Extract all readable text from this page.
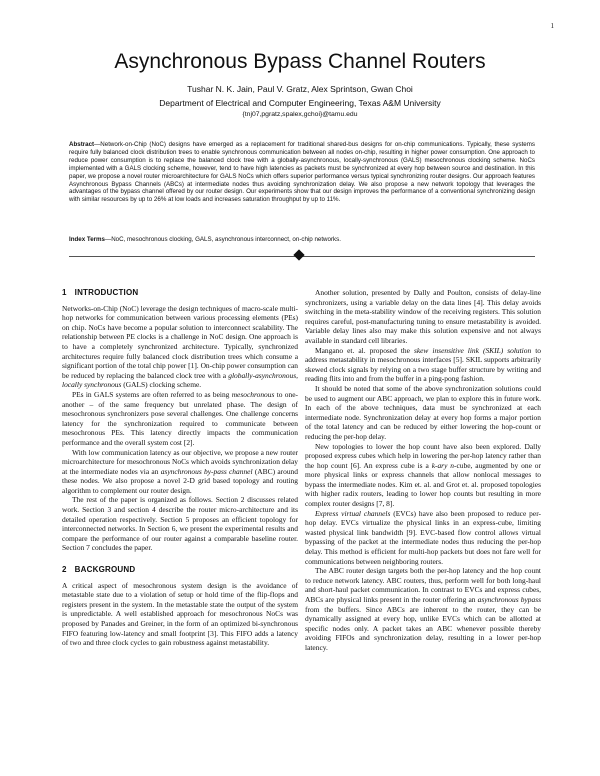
1
Asynchronous Bypass Channel Routers
Tushar N. K. Jain, Paul V. Gratz, Alex Sprintson, Gwan Choi
Department of Electrical and Computer Engineering, Texas A&M University
{tnj07,pgratz,spalex,gchoi}@tamu.edu
Abstract—Network-on-Chip (NoC) designs have emerged as a replacement for traditional shared-bus designs for on-chip communications. Typically, these systems require fully balanced clock distribution trees to enable synchronous communication between all nodes on-chip, resulting in higher power consumption. One approach to reduce power consumption is to replace the balanced clock tree with a globally-asynchronous, locally-synchronous (GALS) mesochronous clocking scheme. NoCs implemented with a GALS clocking scheme, however, tend to have high latencies as packets must be synchronized at every hop between source and destination. In this paper, we propose a novel router microarchitecture for GALS NoCs which offers superior performance versus typical synchronizing router designs. Our approach features Asynchronous Bypass Channels (ABCs) at intermediate nodes thus avoiding synchronization delay. We also propose a new network topology that leverages the advantages of the bypass channel offered by our router design. Our experiments show that our design improves the performance of a conventional synchronizing design with similar resources by up to 26% at low loads and increases saturation throughput by up to 11%.
Index Terms—NoC, mesochronous clocking, GALS, asynchronous interconnect, on-chip networks.
1 INTRODUCTION

Networks-on-Chip (NoC) leverage the design techniques of macro-scale multi-hop networks for communication between various processing elements (PEs) on chip. NoCs have become a popular solution to interconnect scalability. The relationship between PE clocks is a challenge in NoC design. One approach is to have a completely synchronized architecture. Typically, synchronized architectures require fully balanced clock distribution trees which consume a significant portion of the total chip power [1]. On-chip power consumption can be reduced by replacing the balanced clock tree with a globally-asynchronous, locally synchronous (GALS) clocking scheme.

PEs in GALS systems are often referred to as being mesochronous to one-another – of the same frequency but unrelated phase. The design of mesochronous synchronizers pose several challenges. One challenge concerns latency for the synchronization required to communicate between mesochronous PEs. This latency directly impacts the communication performance and the overall system cost [2].

With low communication latency as our objective, we propose a new router microarchitecture for mesochronous NoCs which avoids synchronization delay at the intermediate nodes via an asynchronous by-pass channel (ABC) around these nodes. We also propose a novel 2-D grid based topology and routing algorithm to complement our router design.

The rest of the paper is organized as follows. Section 2 discusses related work. Section 3 and section 4 describe the router micro-architecture and its detailed operation respectively. Section 5 proposes an efficient topology for interconnected networks. In Section 6, we present the experimental results and compare the performance of our router against a comparable baseline router. Section 7 concludes the paper.

2 BACKGROUND

A critical aspect of mesochronous system design is the avoidance of metastable state due to a violation of setup or hold time of the flip-flops and registers present in the system. In the metastable state the output of the system is unpredictable. A well established approach for mesochronous NoCs was proposed by Panades and Greiner, in the form of an optimized bi-synchronous FIFO featuring low-latency and small footprint [3]. This FIFO adds a latency of two and three clock cycles to gain robustness against metastability.

Another solution, presented by Dally and Poulton, consists of delay-line synchronizers, using a variable delay on the data lines [4]. This delay avoids switching in the meta-stability window of the receiving registers. This solution requires careful, post-manufacturing tuning to ensure metastability is avoided. Variable delay lines also may make this solution expensive and not always available in standard cell libraries.

Mangano et. al. proposed the skew insensitive link (SKIL) solution to address metastability in mesochronous interfaces [5]. SKIL supports arbitrarily skewed clock signals by relying on a two stage buffer structure by writing and reading flits into and from the buffer in a ping-pong fashion.

It should be noted that some of the above synchronization solutions could be used to augment our ABC approach, we plan to explore this in future work. In each of the above techniques, data must be synchronized at each intermediate node. Synchronization delay at every hop forms a major portion of the total latency and can be reduced by either lowering the hop-count or reducing the per-hop delay.

New topologies to lower the hop count have also been explored. Dally proposed express cubes which help in lowering the per-hop latency rather than the hop count [6]. An express cube is a k-ary n-cube, augmented by one or more physical links or express channels that allow nonlocal messages to bypass the intermediate nodes. Kim et. al. and Grot et. al. proposed topologies with higher radix routers, leading to lower hop counts but resulting in more complex router designs [7, 8].

Express virtual channels (EVCs) have also been proposed to reduce per-hop delay. EVCs virtualize the physical links in an express-cube, limiting wasted physical link bandwidth [9]. EVC-based flow control allows virtual bypassing of the packet at the intermediate nodes thus reducing the per-hop delay. This method is efficient for multi-hop packets but does not fare well for communications between neighboring routers.

The ABC router design targets both the per-hop latency and the hop count to reduce network latency. ABC routers, thus, perform well for both long-haul and short-haul packet communication. In contrast to EVCs and express cubes, ABCs are physical links present in the router offering an asynchronous bypass from the buffers. Since ABCs are inherent to the router, they can be dynamically assigned at every hop, unlike EVCs which can be allotted at specific nodes only. A packet takes an ABC whenever possible thereby avoiding FIFOs and synchronization delay, resulting in a lower per-hop latency.
